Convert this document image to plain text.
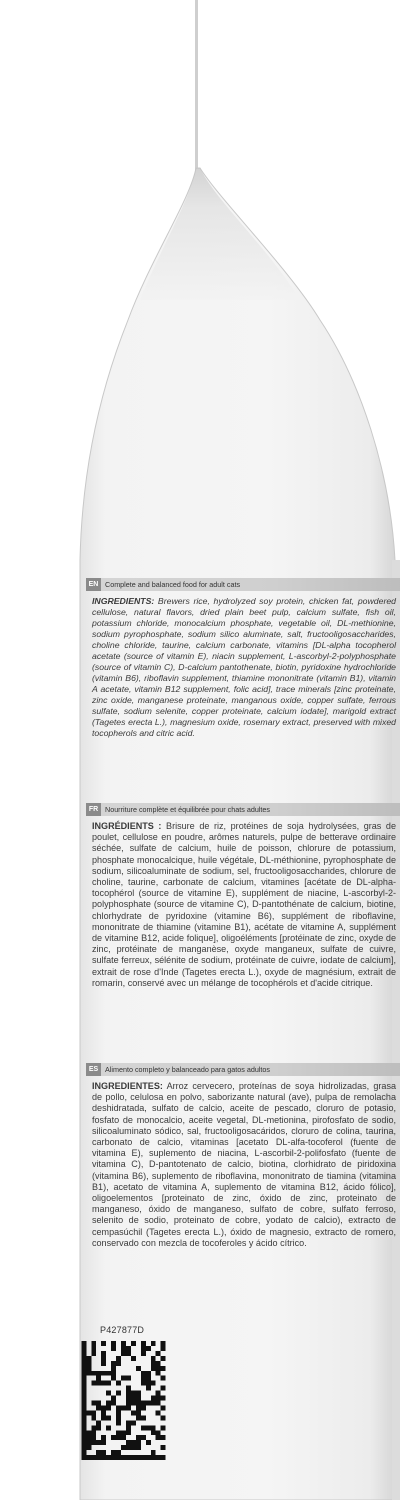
EN Complete and balanced food for adult cats
INGREDIENTS: Brewers rice, hydrolyzed soy protein, chicken fat, powdered cellulose, natural flavors, dried plain beet pulp, calcium sulfate, fish oil, potassium chloride, monocalcium phosphate, vegetable oil, DL-methionine, sodium pyrophosphate, sodium silico aluminate, salt, fructooligosaccharides, choline chloride, taurine, calcium carbonate, vitamins [DL-alpha tocopherol acetate (source of vitamin E), niacin supplement, L-ascorbyl-2-polyphosphate (source of vitamin C), D-calcium pantothenate, biotin, pyridoxine hydrochloride (vitamin B6), riboflavin supplement, thiamine mononitrate (vitamin B1), vitamin A acetate, vitamin B12 supplement, folic acid], trace minerals [zinc proteinate, zinc oxide, manganese proteinate, manganous oxide, copper sulfate, ferrous sulfate, sodium selenite, copper proteinate, calcium iodate], marigold extract (Tagetes erecta L.), magnesium oxide, rosemary extract, preserved with mixed tocopherols and citric acid.
FR Nourriture complète et équilibrée pour chats adultes
INGRÉDIENTS : Brisure de riz, protéines de soja hydrolysées, gras de poulet, cellulose en poudre, arômes naturels, pulpe de betterave ordinaire séchée, sulfate de calcium, huile de poisson, chlorure de potassium, phosphate monocalcique, huile végétale, DL-méthionine, pyrophosphate de sodium, silicoaluminate de sodium, sel, fructooligosaccharides, chlorure de choline, taurine, carbonate de calcium, vitamines [acétate de DL-alpha-tocophérol (source de vitamine E), supplément de niacine, L-ascorbyl-2-polyphosphate (source de vitamine C), D-pantothénate de calcium, biotine, chlorhydrate de pyridoxine (vitamine B6), supplément de riboflavine, mononitrate de thiamine (vitamine B1), acétate de vitamine A, supplément de vitamine B12, acide folique], oligoéléments [protéinate de zinc, oxyde de zinc, protéinate de manganèse, oxyde manganeux, sulfate de cuivre, sulfate ferreux, sélénite de sodium, protéinate de cuivre, iodate de calcium], extrait de rose d'Inde (Tagetes erecta L.), oxyde de magnésium, extrait de romarin, conservé avec un mélange de tocophérols et d'acide citrique.
ES Alimento completo y balanceado para gatos adultos
INGREDIENTES: Arroz cervecero, proteínas de soya hidrolizadas, grasa de pollo, celulosa en polvo, saborizante natural (ave), pulpa de remolacha deshidratada, sulfato de calcio, aceite de pescado, cloruro de potasio, fosfato de monocalcio, aceite vegetal, DL-metionina, pirofosfato de sodio, silicoaluminato sódico, sal, fructooligosacáridos, cloruro de colina, taurina, carbonato de calcio, vitaminas [acetato DL-alfa-tocoferol (fuente de vitamina E), suplemento de niacina, L-ascorbil-2-polifosfato (fuente de vitamina C), D-pantotenato de calcio, biotina, clorhidrato de piridoxina (vitamina B6), suplemento de riboflavina, mononitrato de tiamina (vitamina B1), acetato de vitamina A, suplemento de vitamina B12, ácido fólico], oligoelementos [proteinato de zinc, óxido de zinc, proteinato de manganeso, óxido de manganeso, sulfato de cobre, sulfato ferroso, selenito de sodio, proteinato de cobre, yodato de calcio), extracto de cempasúchil (Tagetes erecta L.), óxido de magnesio, extracto de romero, conservado con mezcla de tocoferoles y ácido cítrico.
P427877D
